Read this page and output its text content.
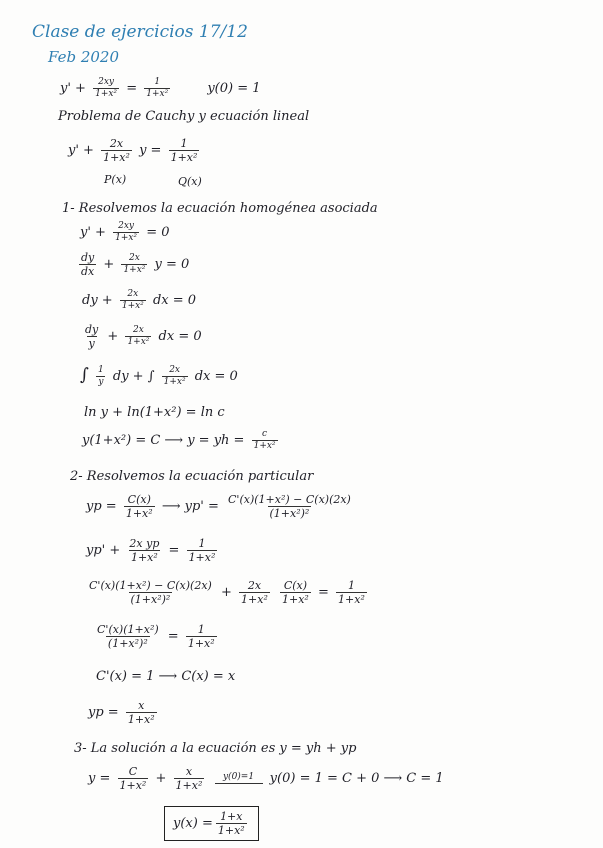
Clase de ejercicios 17/12
Feb 2020
$y' + \frac{2xy}{\text{1+x²}} = \frac{1}{\text{1+x²}}$	y(0) = 1
Problema de Cauchy y ecuación lineal
$y' + \frac{2x}{\text{1+x²}}$ $y = \frac{1}{\text{1+x²}}$
P(x)	Q(x)
1- Resolvemos la ecuación homogénea asociada
$y' + \frac{2xy}{\text{1+x²}} = 0$
$\frac{dy}{dx} + \frac{2x}{\text{1+x²}}$ y = 0
dy + $\frac{2x}{\text{1+x²}}$ dx = 0
$\frac{dy}{y} + \frac{2x}{\text{1+x²}}$ dx = 0
∫ $\frac{1}{y}$ dy + ∫ $\frac{2x}{\text{1+x²}}$ dx = 0
ln y + ln(1+x²) = ln c
y(1+x²) = C ⟶ y = yh = $\frac{c}{\text{1+x²}}$
2- Resolvemos la ecuación particular
yp = $\frac{C(x)}{\text{1+x²}}$ ⟶ $yp' = \frac{\text{C'(x)(1+x²) − C(x)(2x)}}{\text{(1+x²)²}}$
$yp' + \frac{\text{2x yp}}{\text{1+x²}} = \frac{1}{\text{1+x²}}$
$\frac{\text{C'(x)(1+x²) − C(x)(2x)}}{\text{(1+x²)²}} + \frac{2x}{\text{1+x²}}$
$\frac{C(x)}{\text{1+x²}} = \frac{1}{\text{1+x²}}$
$\frac{\text{C'(x)(1+x²)}}{\text{(1+x²)²}} = \frac{1}{\text{1+x²}}$
C'(x) = 1 ⟶ C(x) = x
yp = $\frac{x}{\text{1+x²}}$
3- La solución a la ecuación es y = yh + yp
$y = \frac{C}{\text{1+x²}} + \frac{x}{\text{1+x²}}$
y(0)=1 y(0) = 1 = C + 0 ⟶ C = 1
$y(x) = \frac{1+x}{\text{1+x²}}$
